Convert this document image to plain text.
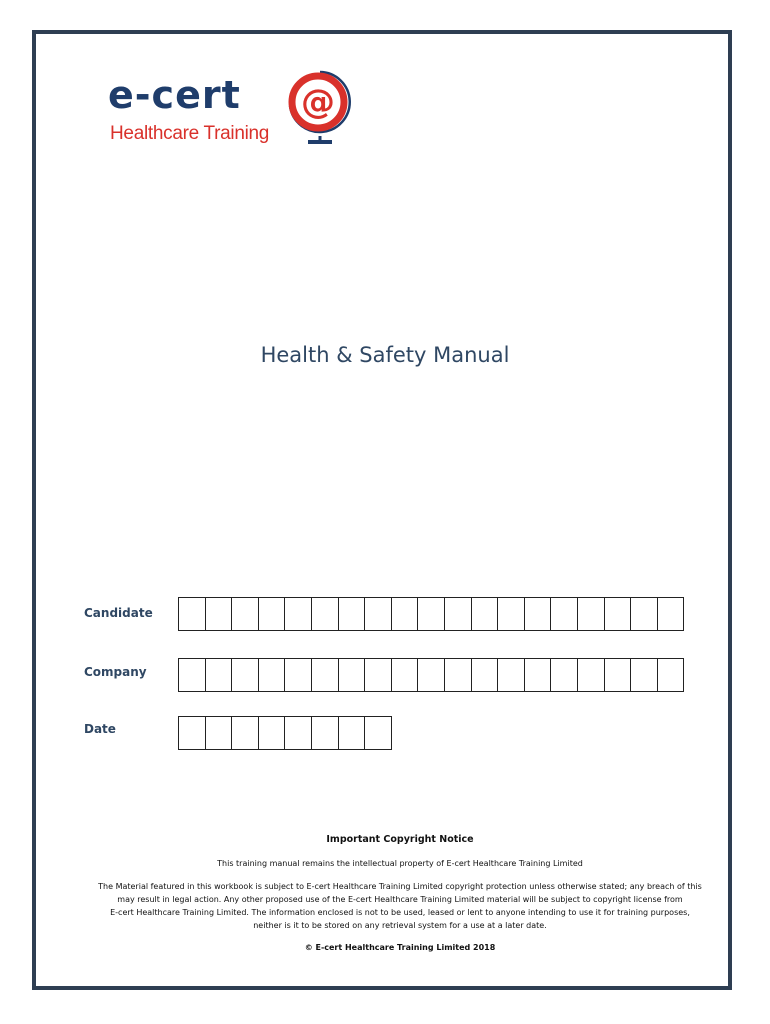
e-cert
Healthcare Training
@
Health & Safety Manual
Candidate
Company
Date
Important Copyright Notice
This training manual remains the intellectual property of E-cert Healthcare Training Limited
The Material featured in this workbook is subject to E-cert Healthcare Training Limited copyright protection unless otherwise stated; any breach of this
may result in legal action. Any other proposed use of the E-cert Healthcare Training Limited material will be subject to copyright license from
E-cert Healthcare Training Limited. The information enclosed is not to be used, leased or lent to anyone intending to use it for training purposes,
neither is it to be stored on any retrieval system for a use at a later date.
© E-cert Healthcare Training Limited 2018
